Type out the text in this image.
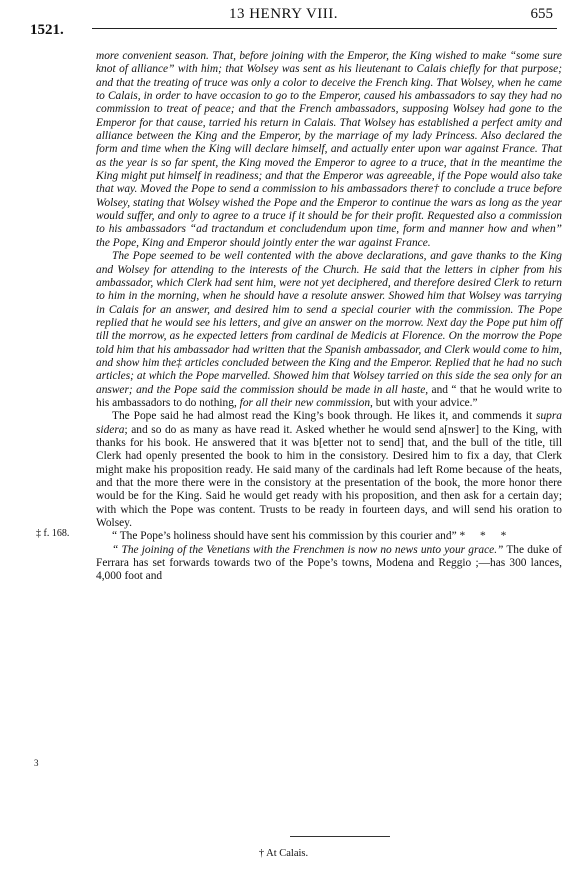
13 HENRY VIII.	655
1521.
‡ f. 168.
3

more convenient season. That, before joining with the Emperor, the King wished to make “some sure knot of alliance” with him; that Wolsey was sent as his lieutenant to Calais chiefly for that purpose; and that the treating of truce was only a color to deceive the French king. That Wolsey, when he came to Calais, in order to have occasion to go to the Emperor, caused his ambassadors to say they had no commission to treat of peace; and that the French ambassadors, supposing Wolsey had gone to the Emperor for that cause, tarried his return in Calais. That Wolsey has established a perfect amity and alliance between the King and the Emperor, by the marriage of my lady Princess. Also declared the form and time when the King will declare himself, and actually enter upon war against France. That as the year is so far spent, the King moved the Emperor to agree to a truce, that in the meantime the King might put himself in readiness; and that the Emperor was agreeable, if the Pope would also take that way. Moved the Pope to send a commission to his ambassadors there† to conclude a truce before Wolsey, stating that Wolsey wished the Pope and the Emperor to continue the wars as long as the year would suffer, and only to agree to a truce if it should be for their profit. Requested also a commission to his ambassadors “ad tractandum et concludendum upon time, form and manner how and when” the Pope, King and Emperor should jointly enter the war against France.

The Pope seemed to be well contented with the above declarations, and gave thanks to the King and Wolsey for attending to the interests of the Church. He said that the letters in cipher from his ambassador, which Clerk had sent him, were not yet deciphered, and therefore desired Clerk to return to him in the morning, when he should have a resolute answer. Showed him that Wolsey was tarrying in Calais for an answer, and desired him to send a special courier with the commission. The Pope replied that he would see his letters, and give an answer on the morrow. Next day the Pope put him off till the morrow, as he expected letters from cardinal de Medicis at Florence. On the morrow the Pope told him that his ambassador had written that the Spanish ambassador, and Clerk would come to him, and show him the‡ articles concluded between the King and the Emperor. Replied that he had no such articles; at which the Pope marvelled. Showed him that Wolsey tarried on this side the sea only for an answer; and the Pope said the commission should be made in all haste, and “ that he would write to his ambassadors to do nothing, for all their new commission, but with your advice.”

The Pope said he had almost read the King’s book through. He likes it, and commends it supra sidera; and so do as many as have read it. Asked whether he would send a[nswer] to the King, with thanks for his book. He answered that it was b[etter not to send] that, and the bull of the title, till Clerk had openly presented the book to him in the consistory. Desired him to fix a day, that Clerk might make his proposition ready. He said many of the cardinals had left Rome because of the heats, and that the more there were in the consistory at the presentation of the book, the more honor there would be for the King. Said he would get ready with his proposition, and then ask for a certain day; with which the Pope was content. Trusts to be ready in fourteen days, and will send his oration to Wolsey.

“ The Pope’s holiness should have sent his commission by this courier and” * * *

“ The joining of the Venetians with the Frenchmen is now no news unto your grace.” The duke of Ferrara has set forwards towards two of the Pope’s towns, Modena and Reggio ;—has 300 lances, 4,000 foot and

† At Calais.
